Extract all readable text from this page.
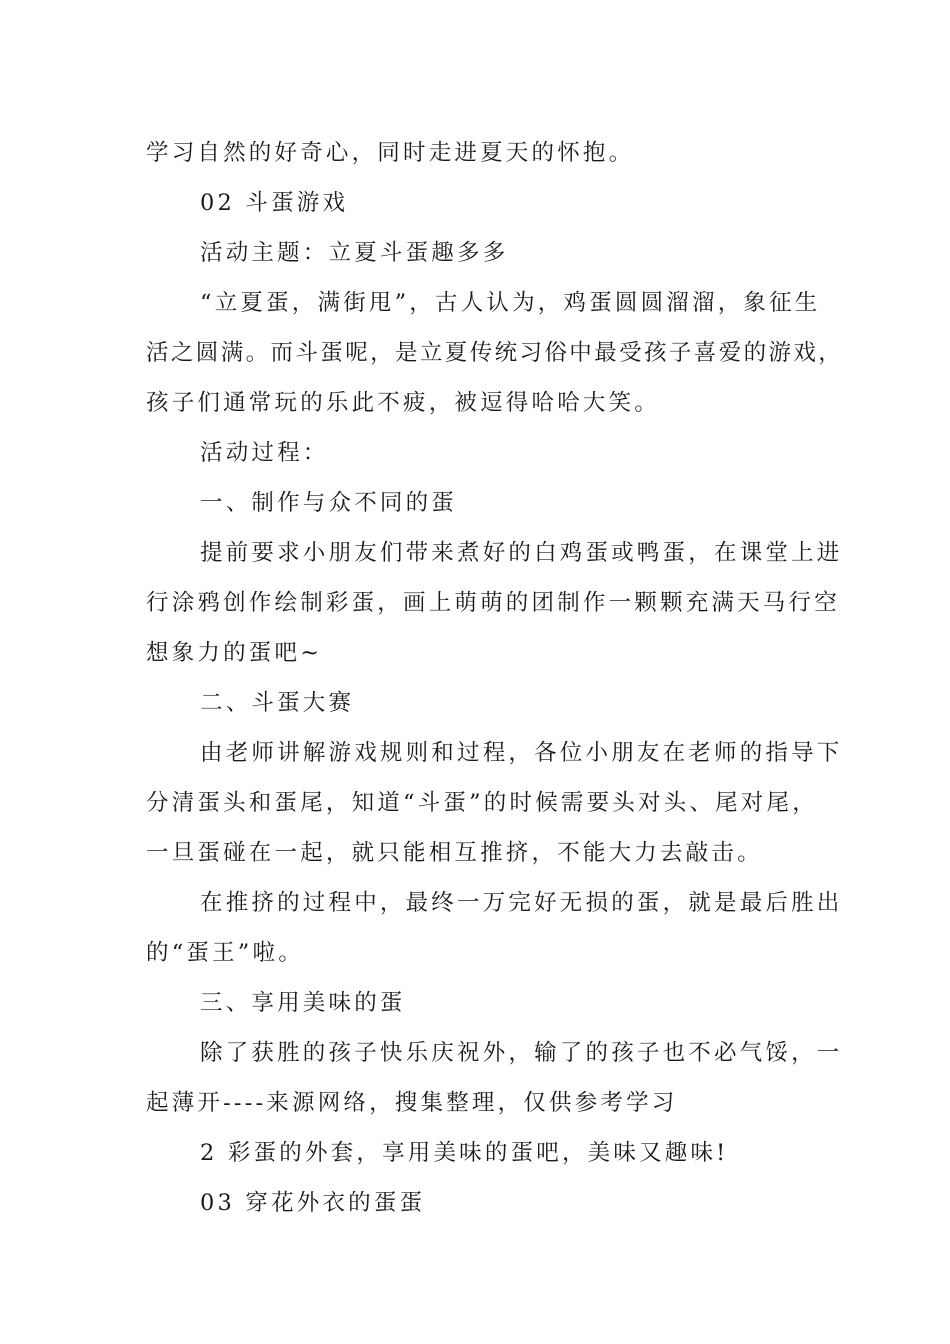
学习自然的好奇心，同时走进夏天的怀抱。
02 斗蛋游戏
活动主题：立夏斗蛋趣多多
“立夏蛋，满街甩”，古人认为，鸡蛋圆圆溜溜，象征生
活之圆满。而斗蛋呢，是立夏传统习俗中最受孩子喜爱的游戏，
孩子们通常玩的乐此不疲，被逗得哈哈大笑。
活动过程：
一、制作与众不同的蛋
提前要求小朋友们带来煮好的白鸡蛋或鸭蛋，在课堂上进
行涂鸦创作绘制彩蛋，画上萌萌的团制作一颗颗充满天马行空
想象力的蛋吧~
二、斗蛋大赛
由老师讲解游戏规则和过程，各位小朋友在老师的指导下
分清蛋头和蛋尾，知道“斗蛋”的时候需要头对头、尾对尾，
一旦蛋碰在一起，就只能相互推挤，不能大力去敲击。
在推挤的过程中，最终一万完好无损的蛋，就是最后胜出
的“蛋王”啦。
三、享用美味的蛋
除了获胜的孩子快乐庆祝外，输了的孩子也不必气馁，一
起薄开----来源网络，搜集整理，仅供参考学习
2 彩蛋的外套，享用美味的蛋吧，美味又趣味!
03 穿花外衣的蛋蛋
